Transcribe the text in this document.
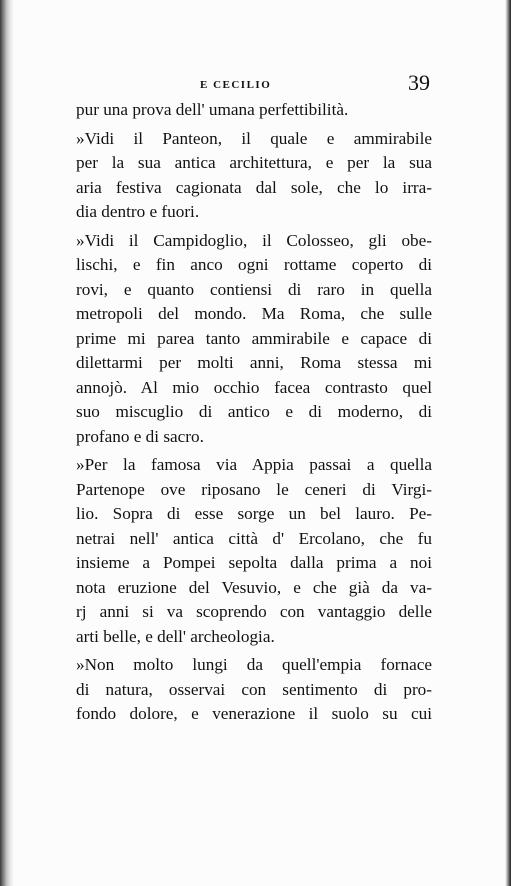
E CECILIO	39
pur una prova dell' umana perfettibilità.
»Vidi il Panteon, il quale e ammirabile
per la sua antica architettura, e per la sua
aria festiva cagionata dal sole, che lo irra-
dia dentro e fuori.
»Vidi il Campidoglio, il Colosseo, gli obe-
lischi, e fin anco ogni rottame coperto di
rovi, e quanto contiensi di raro in quella
metropoli del mondo. Ma Roma, che sulle
prime mi parea tanto ammirabile e capace di
dilettarmi per molti anni, Roma stessa mi
annojò. Al mio occhio facea contrasto quel
suo miscuglio di antico e di moderno, di
profano e di sacro.
»Per la famosa via Appia passai a quella
Partenope ove riposano le ceneri di Virgi-
lio. Sopra di esse sorge un bel lauro. Pe-
netrai nell' antica città d' Ercolano, che fu
insieme a Pompei sepolta dalla prima a noi
nota eruzione del Vesuvio, e che già da va-
rj anni si va scoprendo con vantaggio delle
arti belle, e dell' archeologia.
»Non molto lungi da quell'empia fornace
di natura, osservai con sentimento di pro-
fondo dolore, e venerazione il suolo su cui
